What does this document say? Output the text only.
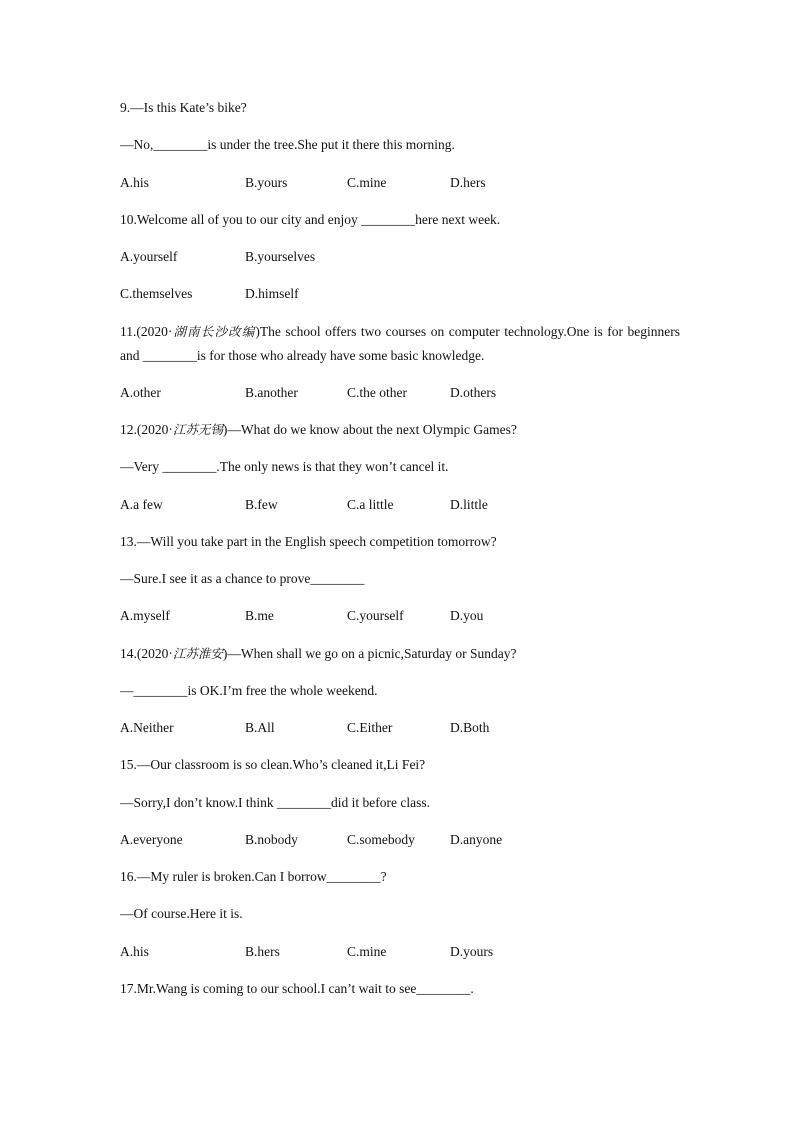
9.—Is this Kate’s bike?
—No,________is under the tree.She put it there this morning.
A.his	B.yours	C.mine	D.hers
10.Welcome all of you to our city and enjoy ________here next week.
A.yourself	B.yourselves
C.themselves	D.himself
11.(2020·湖南长沙改编)The school offers two courses on computer technology.One is for beginners and ________is for those who already have some basic knowledge.
A.other	B.another	C.the other	D.others
12.(2020·江苏无锡)—What do we know about the next Olympic Games?
—Very ________.The only news is that they won’t cancel it.
A.a few	B.few	C.a little	D.little
13.—Will you take part in the English speech competition tomorrow?
—Sure.I see it as a chance to prove________
A.myself	B.me	C.yourself	D.you
14.(2020·江苏淮安)—When shall we go on a picnic,Saturday or Sunday?
—________is OK.I’m free the whole weekend.
A.Neither	B.All	C.Either	D.Both
15.—Our classroom is so clean.Who’s cleaned it,Li Fei?
—Sorry,I don’t know.I think ________did it before class.
A.everyone	B.nobody	C.somebody	D.anyone
16.—My ruler is broken.Can I borrow________?
—Of course.Here it is.
A.his	B.hers	C.mine	D.yours
17.Mr.Wang is coming to our school.I can’t wait to see________.
